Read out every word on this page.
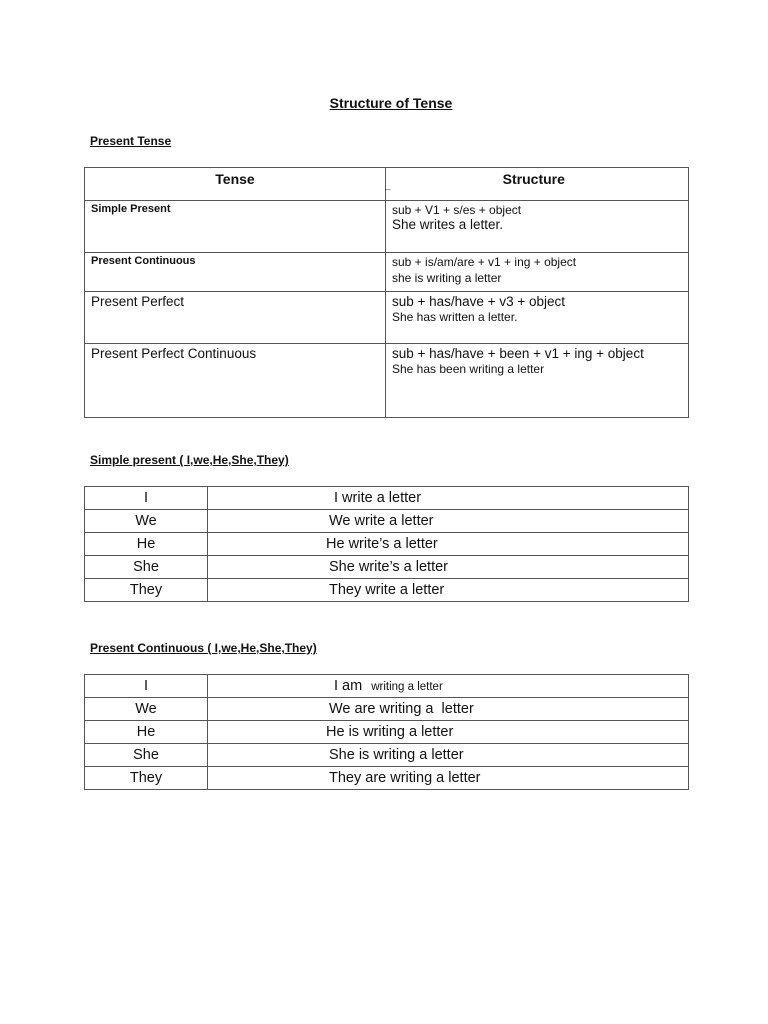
Structure of Tense
Present Tense
Tense	$_{\_}$ Structure
Simple Present	sub + V1 + s/es + object
She writes a letter.

Present Continuous	sub + is/am/are + v1 + ing + object
she is writing a letter

Present Perfect	sub + has/have + v3 + object
She has written a letter.

Present Perfect Continuous	sub + has/have + been + v1 + ing + object
She has been writing a letter
Simple present ( I,we,He,She,They)
I	I write a letter
We	We write a letter
He	He write’s a letter
She	She write’s a letter
They	They write a letter
Present Continuous ( I,we,He,She,They)
I	I am writing a letter
We	We are writing a  letter
He	He is writing a letter
She	She is writing a letter
They	They are writing a letter
